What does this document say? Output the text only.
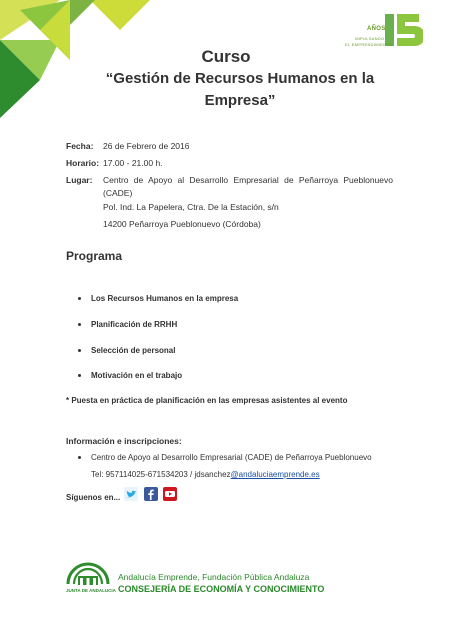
AÑOS
IMPULSANDO
EL EMPRENDIMIENTO
Curso
“Gestión de Recursos Humanos en la Empresa”
Fecha: 26 de Febrero de 2016
Horario: 17.00 - 21.00 h.
Lugar: Centro de Apoyo al Desarrollo Empresarial de Peñarroya Pueblonuevo (CADE)
Pol. Ind. La Papelera, Ctra. De la Estación, s/n
14200 Peñarroya Pueblonuevo (Córdoba)
Programa
Los Recursos Humanos en la empresa
Planificación de RRHH
Selección de personal
Motivación en el trabajo
* Puesta en práctica de planificación en las empresas asistentes al evento
Información e inscripciones:
Centro de Apoyo al Desarrollo Empresarial (CADE) de Peñarroya Pueblonuevo
Tel: 957114025-671534203 / jdsanchez@andaluciaemprende.es
Síguenos en...
JUNTA DE ANDALUCIA
Andalucía Emprende, Fundación Pública Andaluza
CONSEJERÍA DE ECONOMÍA Y CONOCIMIENTO
